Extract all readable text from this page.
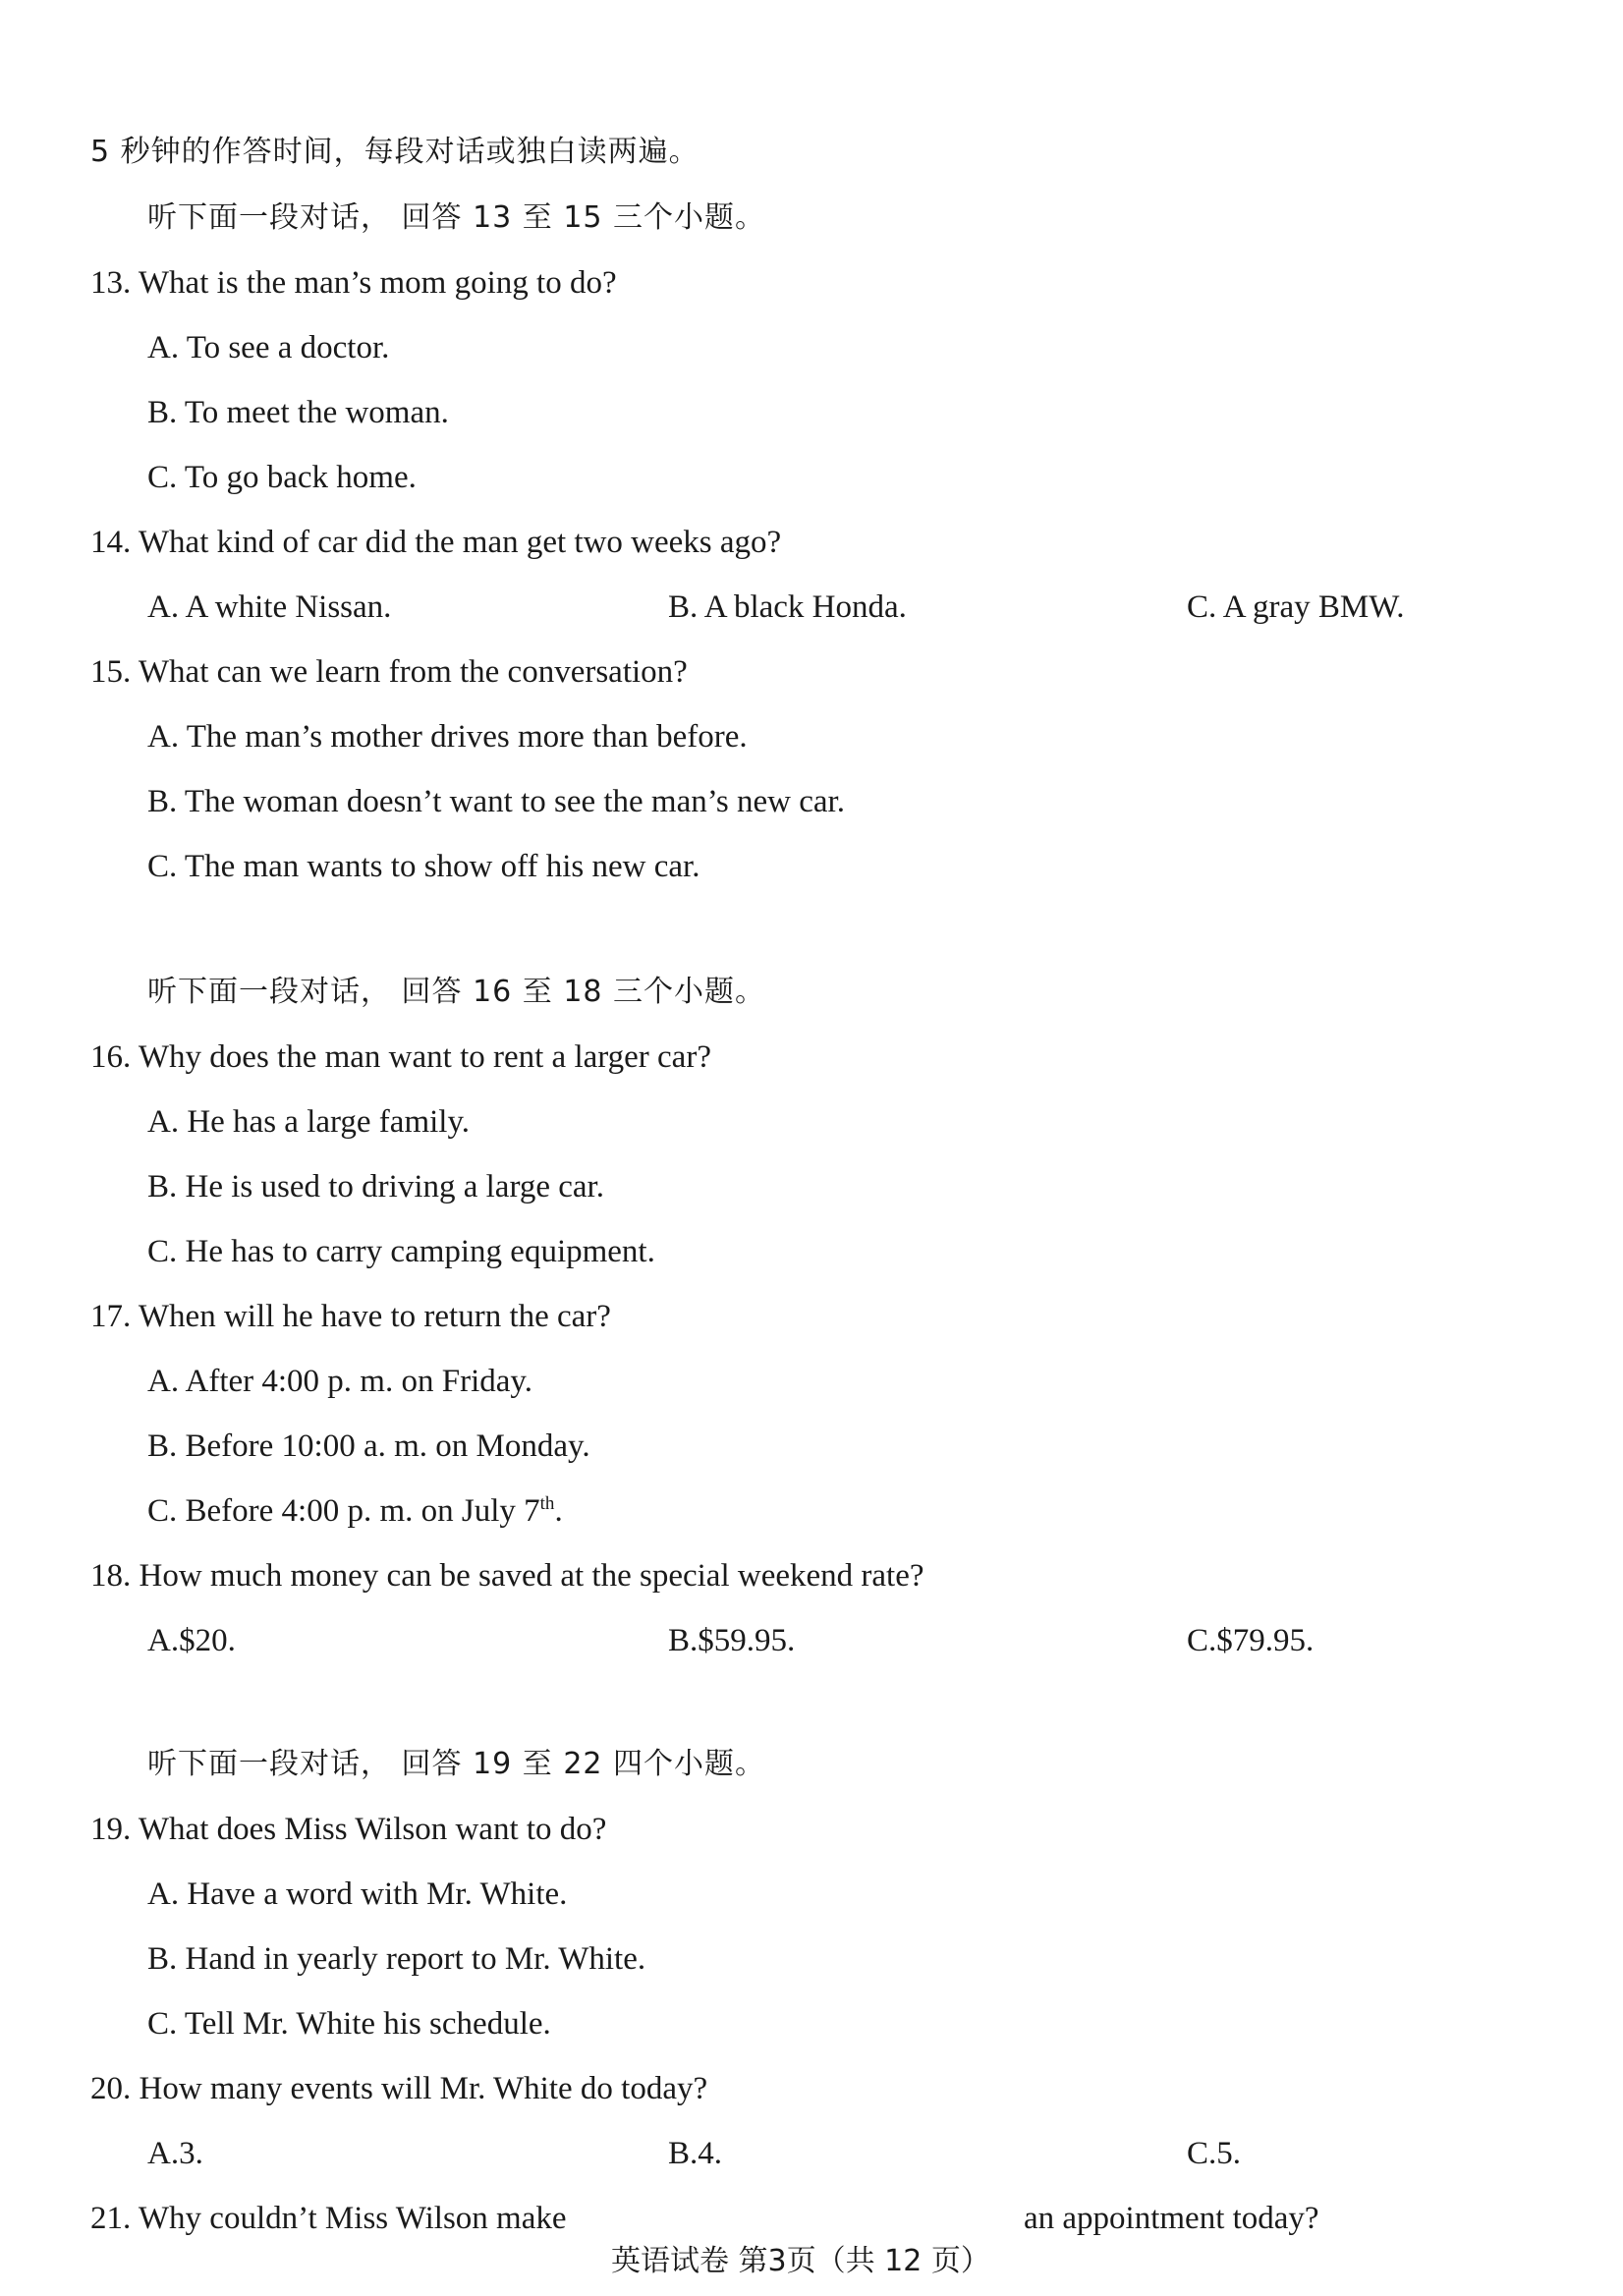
5 秒钟的作答时间，每段对话或独白读两遍。
听下面一段对话， 回答 13 至 15 三个小题。
13. What is the man’s mom going to do?
A. To see a doctor.
B. To meet the woman.
C. To go back home.
14. What kind of car did the man get two weeks ago?
A. A white Nissan.	B. A black Honda.	C. A gray BMW.
15. What can we learn from the conversation?
A. The man’s mother drives more than before.
B. The woman doesn’t want to see the man’s new car.
C. The man wants to show off his new car.
听下面一段对话， 回答 16 至 18 三个小题。
16. Why does the man want to rent a larger car?
A. He has a large family.
B. He is used to driving a large car.
C. He has to carry camping equipment.
17. When will he have to return the car?
A. After 4:00 p. m. on Friday.
B. Before 10:00 a. m. on Monday.
C. Before 4:00 p. m. on July 7th.
18. How much money can be saved at the special weekend rate?
A.$20.	B.$59.95.	C.$79.95.
听下面一段对话， 回答 19 至 22 四个小题。
19. What does Miss Wilson want to do?
A. Have a word with Mr. White.
B. Hand in yearly report to Mr. White.
C. Tell Mr. White his schedule.
20. How many events will Mr. White do today?
A.3.	B.4.	C.5.
21. Why couldn’t Miss Wilson make	an appointment today?
英语试卷 第3页（共 12 页）
